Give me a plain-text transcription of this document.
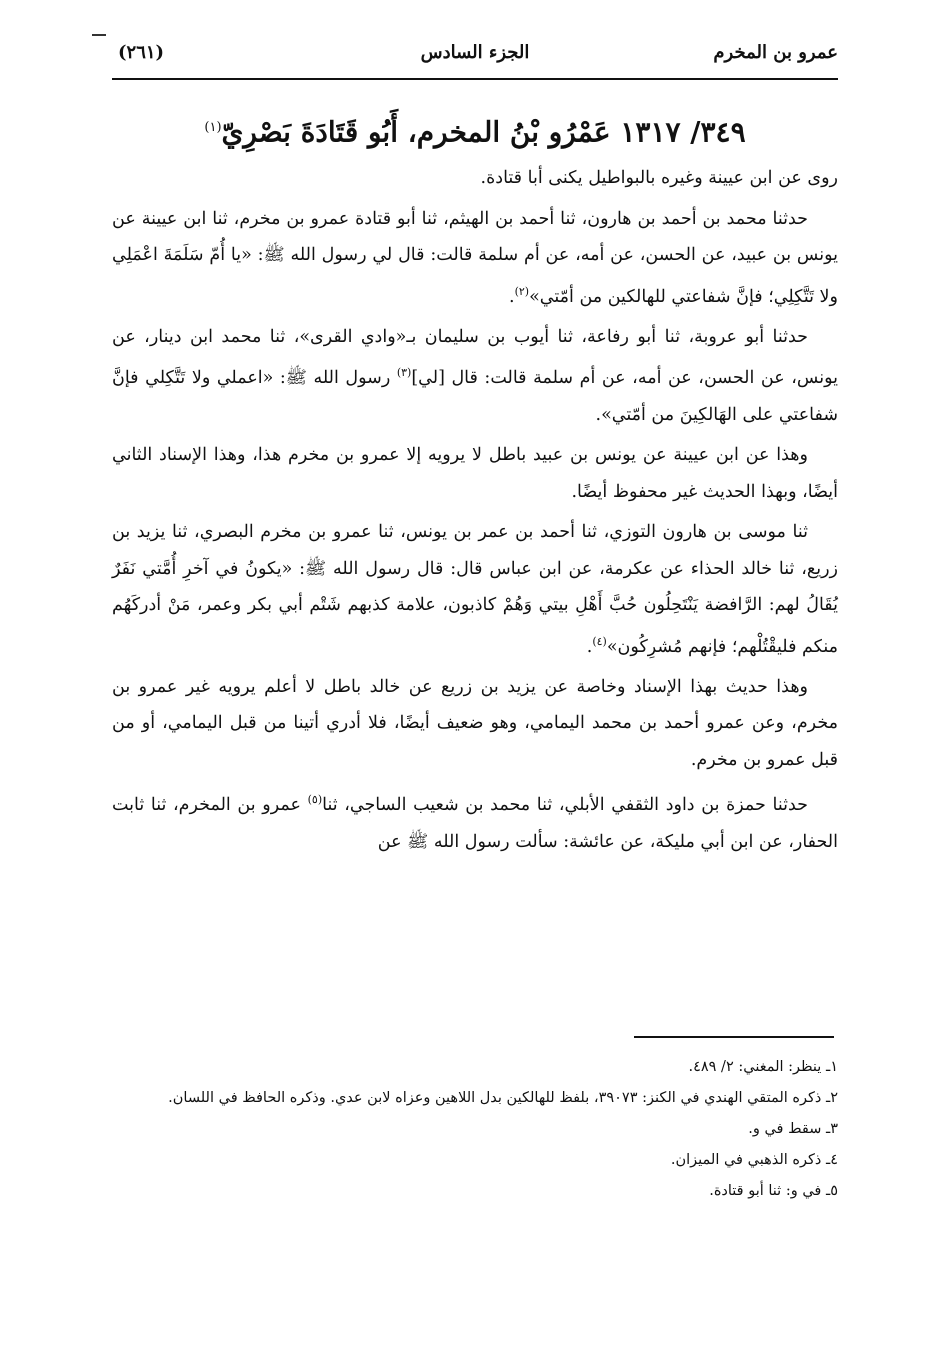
عمرو بن المخرم
الجزء السادس
(٢٦١)
٣٤٩/ ١٣١٧ عَمْرُو بْنُ المخرم، أَبُو قَتَادَةَ بَصْرِيّ$^{(١)}$

روى عن ابن عيينة وغيره بالبواطيل يكنى أبا قتادة.

حدثنا محمد بن أحمد بن هارون، ثنا أحمد بن الهيثم، ثنا أبو قتادة عمرو بن مخرم، ثنا ابن عيينة عن يونس بن عبيد، عن الحسن، عن أمه، عن أم سلمة قالت: قال لي رسول الله ﷺ: «يا أُمّ سَلَمَةَ اعْمَلِي ولا تَتَّكِلِي؛ فإنَّ شفاعتي للهالكين من أمّتي»$^{(٢)}$.

حدثنا أبو عروبة، ثنا أبو رفاعة، ثنا أيوب بن سليمان بـ«وادي القرى»، ثنا محمد ابن دينار، عن يونس، عن الحسن، عن أمه، عن أم سلمة قالت: قال [لي]$^{(٣)}$ رسول الله ﷺ: «اعملي ولا تَتَّكِلي فإنَّ شفاعتي على الهَالكِينَ من أمّتي».

وهذا عن ابن عيينة عن يونس بن عبيد باطل لا يرويه إلا عمرو بن مخرم هذا، وهذا الإسناد الثاني أيضًا، وبهذا الحديث غير محفوظ أيضًا.

ثنا موسى بن هارون التوزي، ثنا أحمد بن عمر بن يونس، ثنا عمرو بن مخرم البصري، ثنا يزيد بن زريع، ثنا خالد الحذاء عن عكرمة، عن ابن عباس قال: قال رسول الله ﷺ: «يكونُ في آخرِ أُمَّتي نَفَرٌ يُقَالُ لهم: الرَّافضة يَنْتَحِلُون حُبَّ أَهْلِ بيتي وَهُمْ كاذبون، علامة كذبهم شَتْم أبي بكر وعمر، مَنْ أدركَهُم منكم فليقْتُلْهم؛ فإنهم مُشرِكُون»$^{(٤)}$.

وهذا حديث بهذا الإسناد وخاصة عن يزيد بن زريع عن خالد باطل لا أعلم يرويه غير عمرو بن مخرم، وعن عمرو أحمد بن محمد اليمامي، وهو ضعيف أيضًا، فلا أدري أتينا من قبل اليمامي، أو من قبل عمرو بن مخرم.

حدثنا حمزة بن داود الثقفي الأبلي، ثنا محمد بن شعيب الساجي، ثنا$^{(٥)}$ عمرو بن المخرم، ثنا ثابت الحفار، عن ابن أبي مليكة، عن عائشة: سألت رسول الله ﷺ عن

١ـ ينظر: المغني: ٢/ ٤٨٩.

٢ـ ذكره المتقي الهندي في الكنز: ٣٩٠٧٣، بلفظ للهالكين بدل اللاهين وعزاه لابن عدي. وذكره الحافظ في اللسان.

٣ـ سقط في و.

٤ـ ذكره الذهبي في الميزان.

٥ـ في و: ثنا أبو قتادة.
